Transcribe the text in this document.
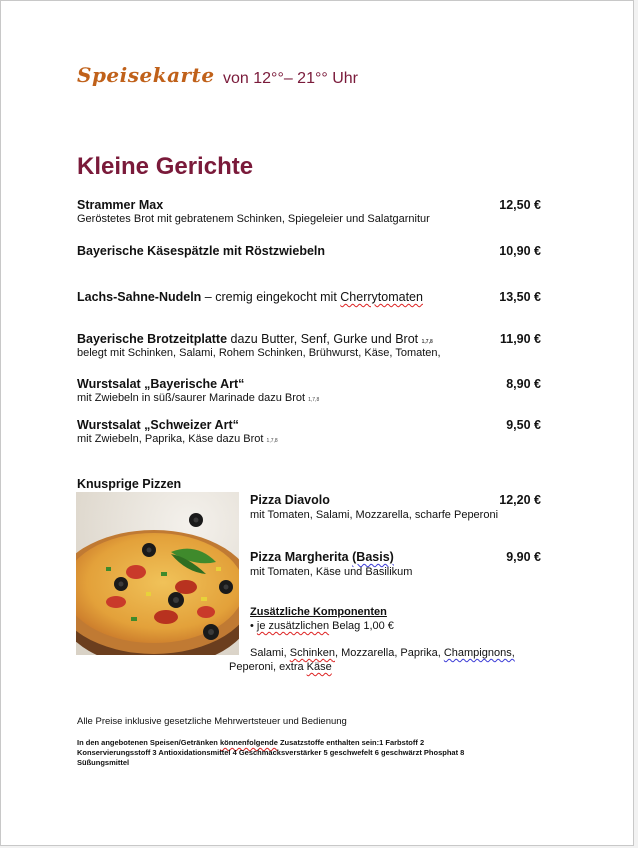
Speisekarte von 12°°– 21°° Uhr
Kleine Gerichte
Strammer Max	12,50 €
Geröstetes Brot mit gebratenem Schinken, Spiegeleier und Salatgarnitur
Bayerische Käsespätzle mit Röstzwiebeln	10,90 €
Lachs-Sahne-Nudeln – cremig eingekocht mit Cherrytomaten	13,50 €
Bayerische Brotzeitplatte dazu Butter, Senf, Gurke und Brot 1,7,8	11,90 €
belegt mit Schinken, Salami, Rohem Schinken, Brühwurst, Käse, Tomaten,
Wurstsalat „Bayerische Art“	8,90 €
mit Zwiebeln in süß/saurer Marinade dazu Brot 1,7,8
Wurstsalat „Schweizer Art“	9,50 €
mit Zwiebeln, Paprika, Käse dazu Brot 1,7,8
Knusprige Pizzen
Pizza Diavolo	12,20 €
mit Tomaten, Salami, Mozzarella, scharfe Peperoni
Pizza Margherita (Basis)	9,90 €
mit Tomaten, Käse und Basilikum
Zusätzliche Komponenten
• je zusätzlichen Belag 1,00 €
Salami, Schinken, Mozzarella, Paprika, Champignons,
Peperoni, extra Käse
Alle Preise inklusive gesetzliche Mehrwertsteuer und Bedienung
In den angebotenen Speisen/Getränken könnenfolgende Zusatzstoffe enthalten sein:1 Farbstoff 2
Konservierungsstoff 3 Antioxidationsmittel 4 Geschmacksverstärker 5 geschwefelt 6 geschwärzt Phosphat 8
Süßungsmittel
